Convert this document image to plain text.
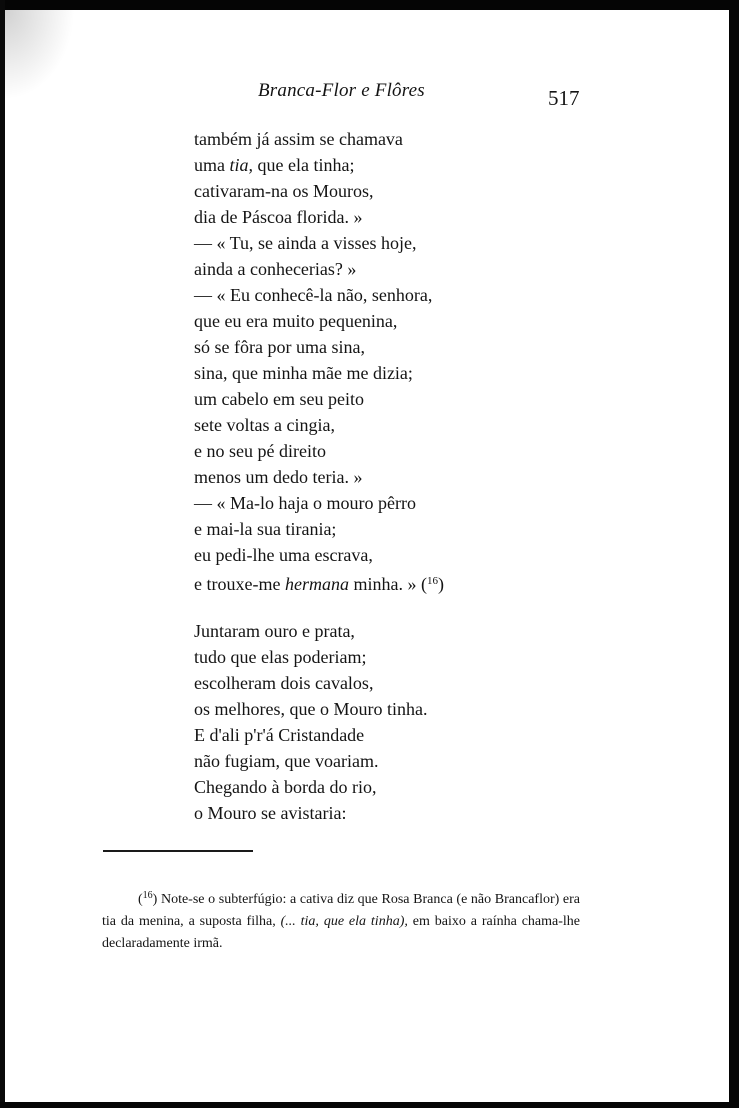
Branca-Flor e Flôres	517
também já assim se chamava
uma tia, que ela tinha;
cativaram-na os Mouros,
dia de Páscoa florida. »
— « Tu, se ainda a visses hoje,
ainda a conhecerias? »
— « Eu conhecê-la não, senhora,
que eu era muito pequenina,
só se fôra por uma sina,
sina, que minha mãe me dizia;
um cabelo em seu peito
sete voltas a cingia,
e no seu pé direito
menos um dedo teria. »
— « Ma-lo haja o mouro pêrro
e mai-la sua tirania;
eu pedi-lhe uma escrava,
e trouxe-me hermana minha. » ($^{16}$)
Juntaram ouro e prata,
tudo que elas poderiam;
escolheram dois cavalos,
os melhores, que o Mouro tinha.
E d'ali p'r'á Cristandade
não fugiam, que voariam.
Chegando à borda do rio,
o Mouro se avistaria:

($^{16}$) Note-se o subterfúgio: a cativa diz que Rosa Branca (e não Brancaflor) era tia da menina, a suposta filha, (... tia, que ela tinha), em baixo a raínha chama-lhe declaradamente irmã.
